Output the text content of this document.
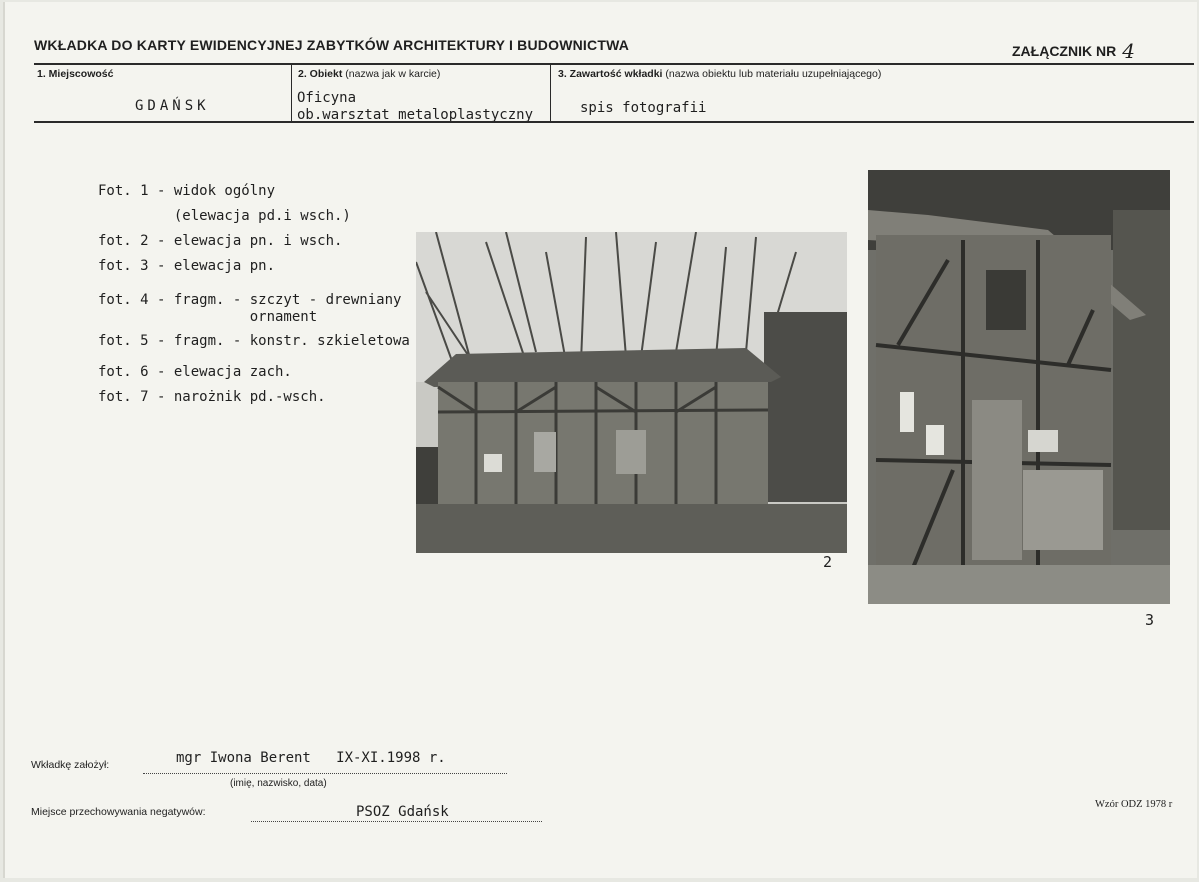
WKŁADKA DO KARTY EWIDENCYJNEJ ZABYTKÓW ARCHITEKTURY I BUDOWNICTWA	ZAŁĄCZNIK NR 4
1. Miejscowość
GDAŃSK
2. Obiekt (nazwa jak w karcie)
Oficyna
ob.warsztat metaloplastyczny
3. Zawartość wkładki (nazwa obiektu lub materiału uzupełniającego)
spis fotografii
Fot. 1 - widok ogólny
(elewacja pd.i wsch.)
fot. 2 - elewacja pn. i wsch.
fot. 3 - elewacja pn.
fot. 4 - fragm. - szczyt - drewniany
ornament
fot. 5 - fragm. - konstr. szkieletowa
fot. 6 - elewacja zach.
fot. 7 - narożnik pd.-wsch.
2
3
Wkładkę założył:	mgr Iwona Berent   IX-XI.1998 r.
(imię, nazwisko, data)
Miejsce przechowywania negatywów:	PSOZ Gdańsk	Wzór ODZ 1978 r
